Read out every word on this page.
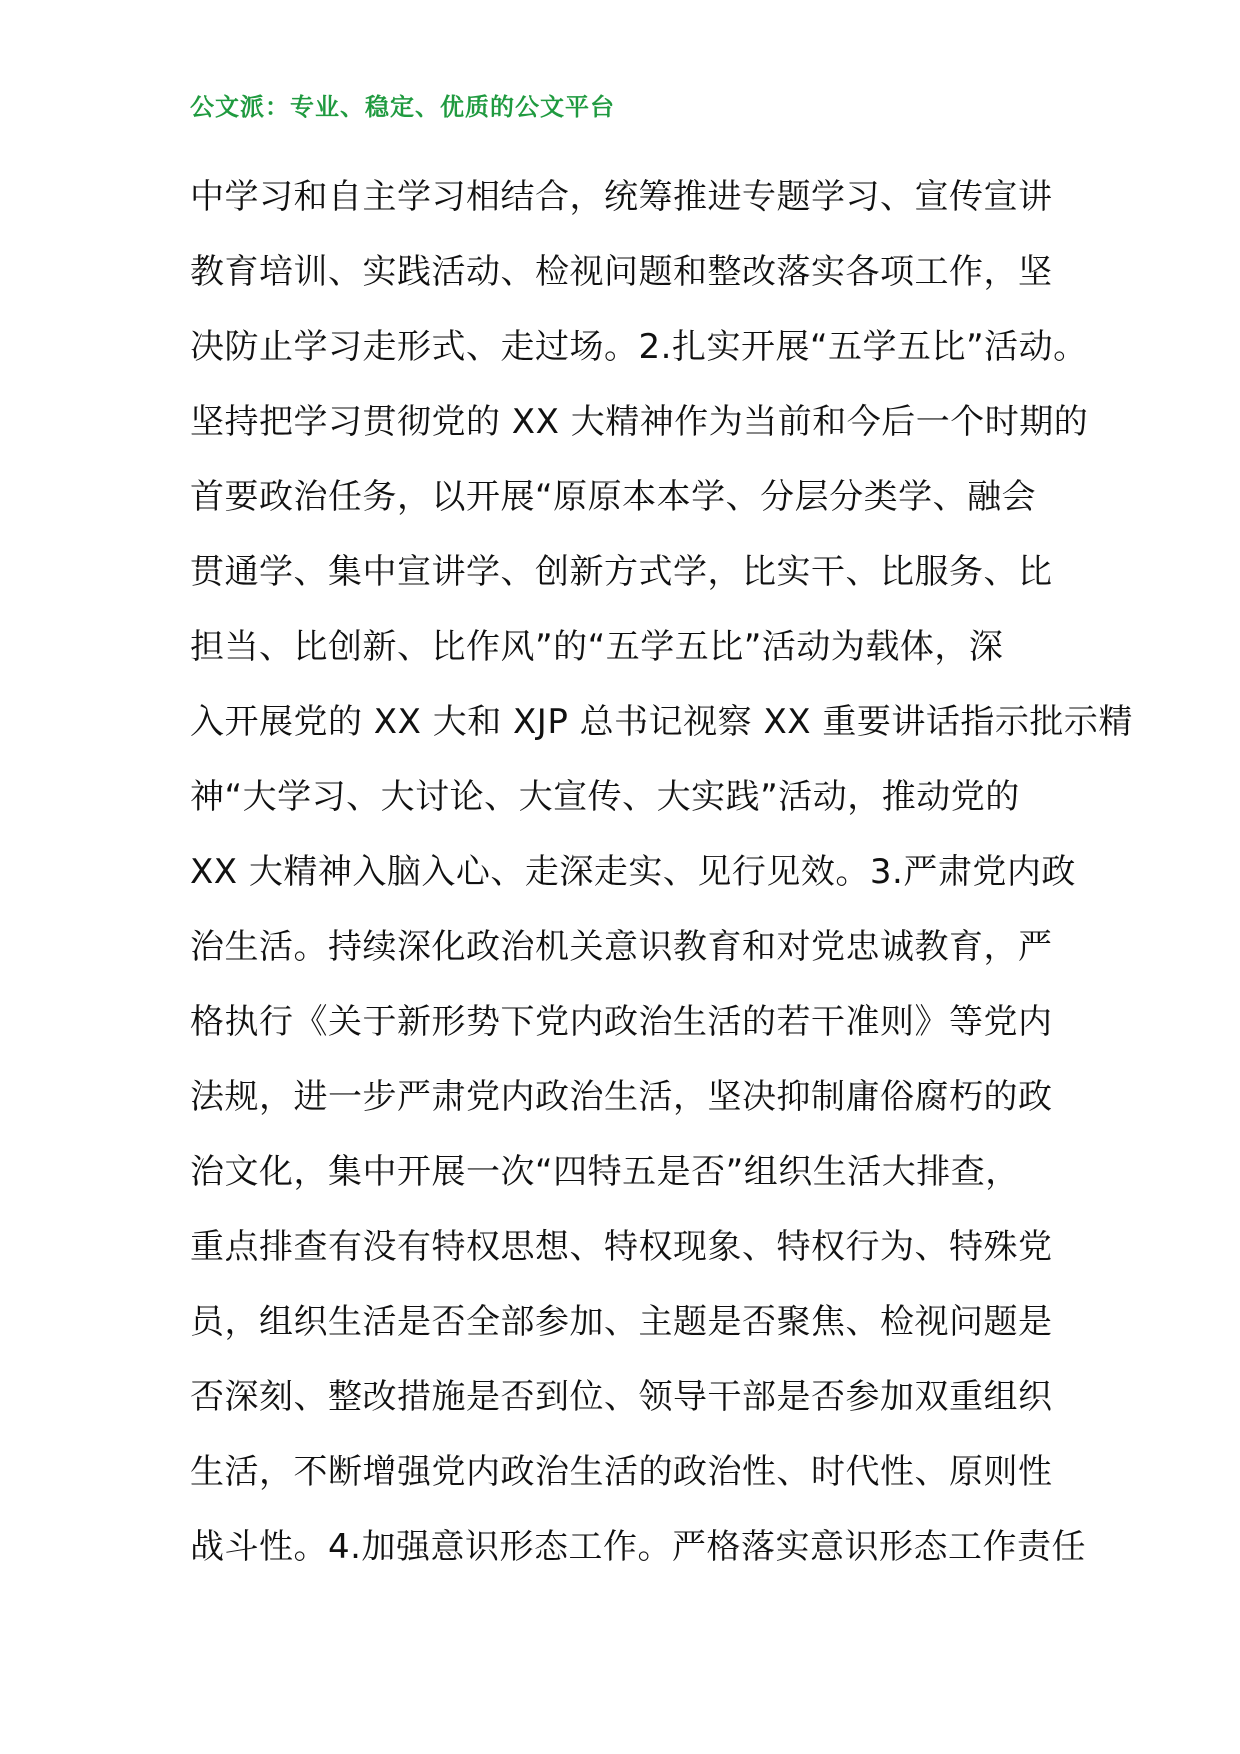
公文派：专业、稳定、优质的公文平台
中学习和自主学习相结合，统筹推进专题学习、宣传宣讲
教育培训、实践活动、检视问题和整改落实各项工作，坚
决防止学习走形式、走过场。2.扎实开展“五学五比”活动。
坚持把学习贯彻党的 XX 大精神作为当前和今后一个时期的
首要政治任务，以开展“原原本本学、分层分类学、融会
贯通学、集中宣讲学、创新方式学，比实干、比服务、比
担当、比创新、比作风”的“五学五比”活动为载体，深
入开展党的 XX 大和 XJP 总书记视察 XX 重要讲话指示批示精
神“大学习、大讨论、大宣传、大实践”活动，推动党的
XX 大精神入脑入心、走深走实、见行见效。3.严肃党内政
治生活。持续深化政治机关意识教育和对党忠诚教育，严
格执行《关于新形势下党内政治生活的若干准则》等党内
法规，进一步严肃党内政治生活，坚决抑制庸俗腐朽的政
治文化，集中开展一次“四特五是否”组织生活大排查，
重点排查有没有特权思想、特权现象、特权行为、特殊党
员，组织生活是否全部参加、主题是否聚焦、检视问题是
否深刻、整改措施是否到位、领导干部是否参加双重组织
生活，不断增强党内政治生活的政治性、时代性、原则性
战斗性。4.加强意识形态工作。严格落实意识形态工作责任
